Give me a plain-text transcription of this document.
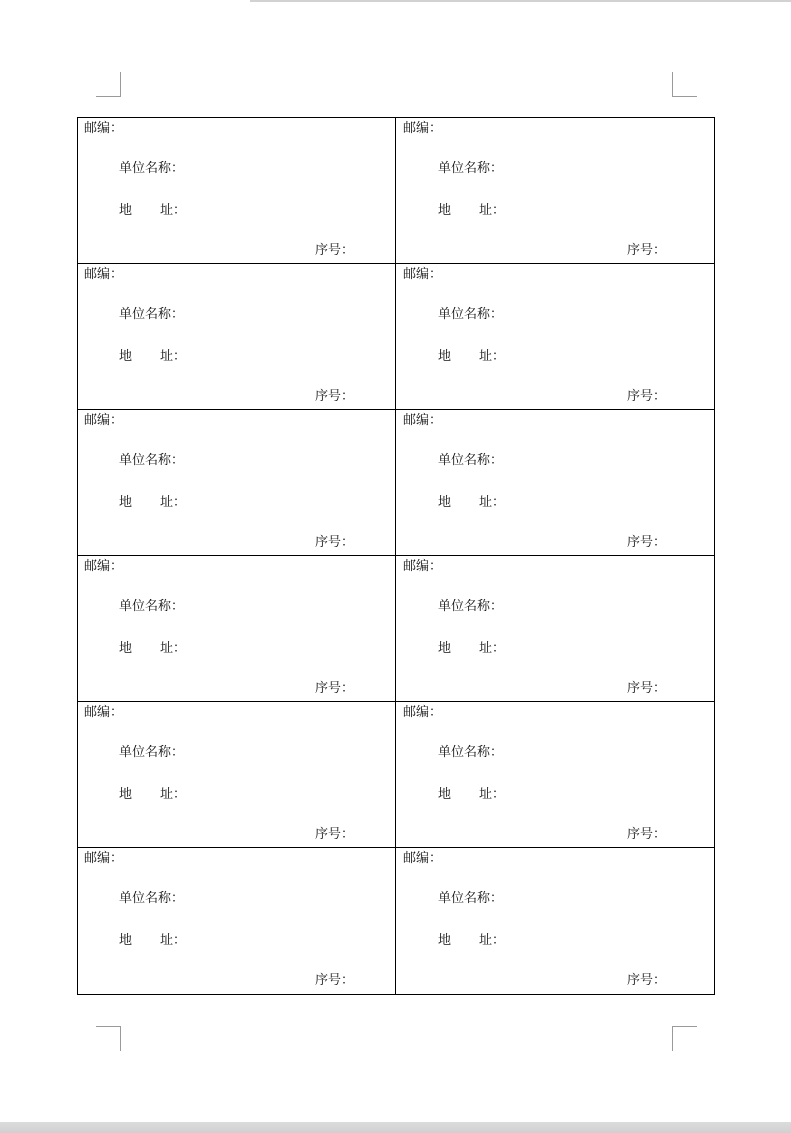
邮编：
单位名称：
地 址：
序号：
邮编：
单位名称：
地 址：
序号：
邮编：
单位名称：
地 址：
序号：
邮编：
单位名称：
地 址：
序号：
邮编：
单位名称：
地 址：
序号：
邮编：
单位名称：
地 址：
序号：
邮编：
单位名称：
地 址：
序号：
邮编：
单位名称：
地 址：
序号：
邮编：
单位名称：
地 址：
序号：
邮编：
单位名称：
地 址：
序号：
邮编：
单位名称：
地 址：
序号：
邮编：
单位名称：
地 址：
序号：
